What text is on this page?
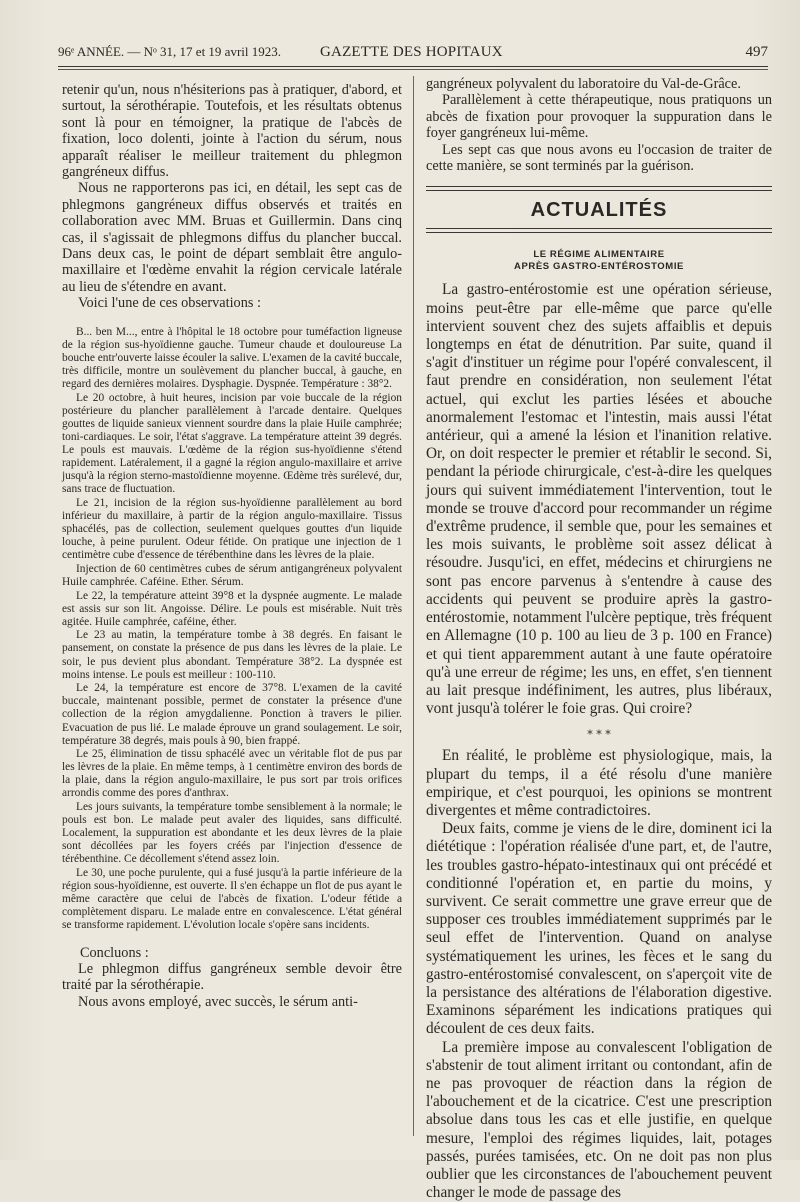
96ᵉ ANNÉE. — Nᵒ 31, 17 et 19 avril 1923.	GAZETTE DES HOPITAUX	497

retenir qu'un, nous n'hésiterions pas à pratiquer, d'abord, et surtout, la sérothérapie. Toutefois, et les résultats obtenus sont là pour en témoigner, la pratique de l'abcès de fixation, loco dolenti, jointe à l'action du sérum, nous apparaît réaliser le meilleur traitement du phlegmon gangréneux diffus.

Nous ne rapporterons pas ici, en détail, les sept cas de phlegmons gangréneux diffus observés et traités en collaboration avec MM. Bruas et Guillermin. Dans cinq cas, il s'agissait de phlegmons diffus du plancher buccal. Dans deux cas, le point de départ semblait être angulo-maxillaire et l'œdème envahit la région cervicale latérale au lieu de s'étendre en avant.

Voici l'une de ces observations :

B... ben M..., entre à l'hôpital le 18 octobre pour tuméfaction ligneuse de la région sus-hyoïdienne gauche. Tumeur chaude et douloureuse La bouche entr'ouverte laisse écouler la salive. L'examen de la cavité buccale, très difficile, montre un soulèvement du plancher buccal, à gauche, en regard des dernières molaires. Dysphagie. Dyspnée. Température : 38°2.

Le 20 octobre, à huit heures, incision par voie buccale de la région postérieure du plancher parallèlement à l'arcade dentaire. Quelques gouttes de liquide sanieux viennent sourdre dans la plaie Huile camphrée; toni-cardiaques. Le soir, l'état s'aggrave. La température atteint 39 degrés. Le pouls est mauvais. L'œdème de la région sus-hyoïdienne s'étend rapidement. Latéralement, il a gagné la région angulo-maxillaire et arrive jusqu'à la région sterno-mastoïdienne moyenne. Œdème très surélevé, dur, sans trace de fluctuation.

Le 21, incision de la région sus-hyoïdienne parallèlement au bord inférieur du maxillaire, à partir de la région angulo-maxillaire. Tissus sphacélés, pas de collection, seulement quelques gouttes d'un liquide louche, à peine purulent. Odeur fétide. On pratique une injection de 1 centimètre cube d'essence de térébenthine dans les lèvres de la plaie.

Injection de 60 centimètres cubes de sérum antigangréneux polyvalent Huile camphrée. Caféine. Ether. Sérum.

Le 22, la température atteint 39°8 et la dyspnée augmente. Le malade est assis sur son lit. Angoisse. Délire. Le pouls est misérable. Nuit très agitée. Huile camphrée, caféine, éther.

Le 23 au matin, la température tombe à 38 degrés. En faisant le pansement, on constate la présence de pus dans les lèvres de la plaie. Le soir, le pus devient plus abondant. Température 38°2. La dyspnée est moins intense. Le pouls est meilleur : 100-110.

Le 24, la température est encore de 37°8. L'examen de la cavité buccale, maintenant possible, permet de constater la présence d'une collection de la région amygdalienne. Ponction à travers le pilier. Evacuation de pus lié. Le malade éprouve un grand soulagement. Le soir, température 38 degrés, mais pouls à 90, bien frappé.

Le 25, élimination de tissu sphacélé avec un véritable flot de pus par les lèvres de la plaie. En même temps, à 1 centimètre environ des bords de la plaie, dans la région angulo-maxillaire, le pus sort par trois orifices arrondis comme des pores d'anthrax.

Les jours suivants, la température tombe sensiblement à la normale; le pouls est bon. Le malade peut avaler des liquides, sans difficulté. Localement, la suppuration est abondante et les deux lèvres de la plaie sont décollées par les foyers créés par l'injection d'essence de térébenthine. Ce décollement s'étend assez loin.

Le 30, une poche purulente, qui a fusé jusqu'à la partie inférieure de la région sous-hyoïdienne, est ouverte. Il s'en échappe un flot de pus ayant le même caractère que celui de l'abcès de fixation. L'odeur fétide a complètement disparu. Le malade entre en convalescence. L'état général se transforme rapidement. L'évolution locale s'opère sans incidents.

Concluons :

Le phlegmon diffus gangréneux semble devoir être traité par la sérothérapie.

Nous avons employé, avec succès, le sérum anti-

gangréneux polyvalent du laboratoire du Val-de-Grâce.

Parallèlement à cette thérapeutique, nous pratiquons un abcès de fixation pour provoquer la suppuration dans le foyer gangréneux lui-même.

Les sept cas que nous avons eu l'occasion de traiter de cette manière, se sont terminés par la guérison.

ACTUALITÉS
LE RÉGIME ALIMENTAIRE
APRÈS GASTRO-ENTÉROSTOMIE

La gastro-entérostomie est une opération sérieuse, moins peut-être par elle-même que parce qu'elle intervient souvent chez des sujets affaiblis et depuis longtemps en état de dénutrition. Par suite, quand il s'agit d'instituer un régime pour l'opéré convalescent, il faut prendre en considération, non seulement l'état actuel, qui exclut les parties lésées et abouche anormalement l'estomac et l'intestin, mais aussi l'état antérieur, qui a amené la lésion et l'inanition relative. Or, on doit respecter le premier et rétablir le second. Si, pendant la période chirurgicale, c'est-à-dire les quelques jours qui suivent immédiatement l'intervention, tout le monde se trouve d'accord pour recommander un régime d'extrême prudence, il semble que, pour les semaines et les mois suivants, le problème soit assez délicat à résoudre. Jusqu'ici, en effet, médecins et chirurgiens ne sont pas encore parvenus à s'entendre à cause des accidents qui peuvent se produire après la gastro-entérostomie, notamment l'ulcère peptique, très fréquent en Allemagne (10 p. 100 au lieu de 3 p. 100 en France) et qui tient apparemment autant à une faute opératoire qu'à une erreur de régime; les uns, en effet, s'en tiennent au lait presque indéfiniment, les autres, plus libéraux, vont jusqu'à tolérer le foie gras. Qui croire?

* * *

En réalité, le problème est physiologique, mais, la plupart du temps, il a été résolu d'une manière empirique, et c'est pourquoi, les opinions se montrent divergentes et même contradictoires.

Deux faits, comme je viens de le dire, dominent ici la diététique : l'opération réalisée d'une part, et, de l'autre, les troubles gastro-hépato-intestinaux qui ont précédé et conditionné l'opération et, en partie du moins, y survivent. Ce serait commettre une grave erreur que de supposer ces troubles immédiatement supprimés par le seul effet de l'intervention. Quand on analyse systématiquement les urines, les fèces et le sang du gastro-entérostomisé convalescent, on s'aperçoit vite de la persistance des altérations de l'élaboration digestive. Examinons séparément les indications pratiques qui découlent de ces deux faits.

La première impose au convalescent l'obligation de s'abstenir de tout aliment irritant ou contondant, afin de ne pas provoquer de réaction dans la région de l'abouchement et de la cicatrice. C'est une prescription absolue dans tous les cas et elle justifie, en quelque mesure, l'emploi des régimes liquides, lait, potages passés, purées tamisées, etc. On ne doit pas non plus oublier que les circonstances de l'abouchement peuvent changer le mode de passage des
